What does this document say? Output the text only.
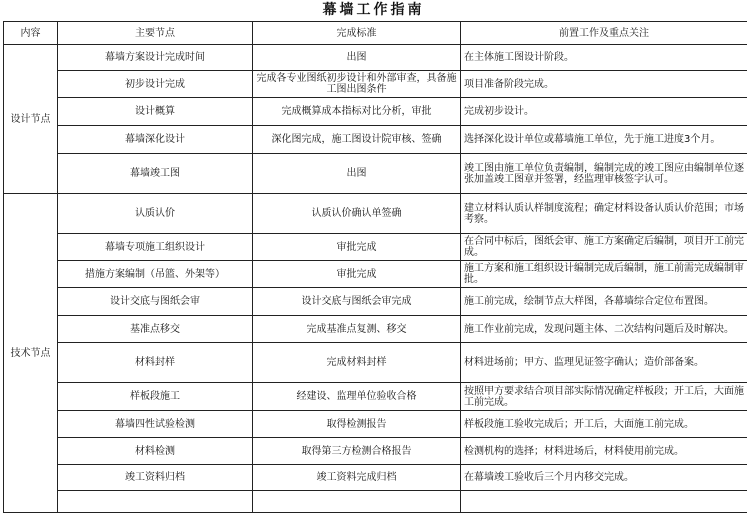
幕墙工作指南
内容	主要节点	完成标准	前置工作及重点关注
设计节点	幕墙方案设计完成时间	出图	在主体施工图设计阶段。
	初步设计完成	完成各专业图纸初步设计和外部审查，具备施工图出图条件	项目准备阶段完成。
	设计概算	完成概算成本指标对比分析，审批	完成初步设计。
	幕墙深化设计	深化图完成，施工图设计院审核、签确	选择深化设计单位或幕墙施工单位，先于施工进度3个月。
	幕墙竣工图	出图	竣工图由施工单位负责编制，编制完成的竣工图应由编制单位逐张加盖竣工图章并签署，经监理审核签字认可。
技术节点	认质认价	认质认价确认单签确	建立材料认质认样制度流程；确定材料设备认质认价范围；市场考察。
	幕墙专项施工组织设计	审批完成	在合同中标后，图纸会审、施工方案确定后编制，项目开工前完成。
	措施方案编制（吊篮、外架等）	审批完成	施工方案和施工组织设计编制完成后编制，施工前需完成编制审批。
	设计交底与图纸会审	设计交底与图纸会审完成	施工前完成，绘制节点大样图，各幕墙综合定位布置图。
	基准点移交	完成基准点复测、移交	施工作业前完成，发现问题主体、二次结构问题后及时解决。
	材料封样	完成材料封样	材料进场前；甲方、监理见证签字确认；造价部备案。
	样板段施工	经建设、监理单位验收合格	按照甲方要求结合项目部实际情况确定样板段；开工后，大面施工前完成。
	幕墙四性试验检测	取得检测报告	样板段施工验收完成后；开工后，大面施工前完成。
	材料检测	取得第三方检测合格报告	检测机构的选择；材料进场后，材料使用前完成。
	竣工资料归档	竣工资料完成归档	在幕墙竣工验收后三个月内移交完成。
